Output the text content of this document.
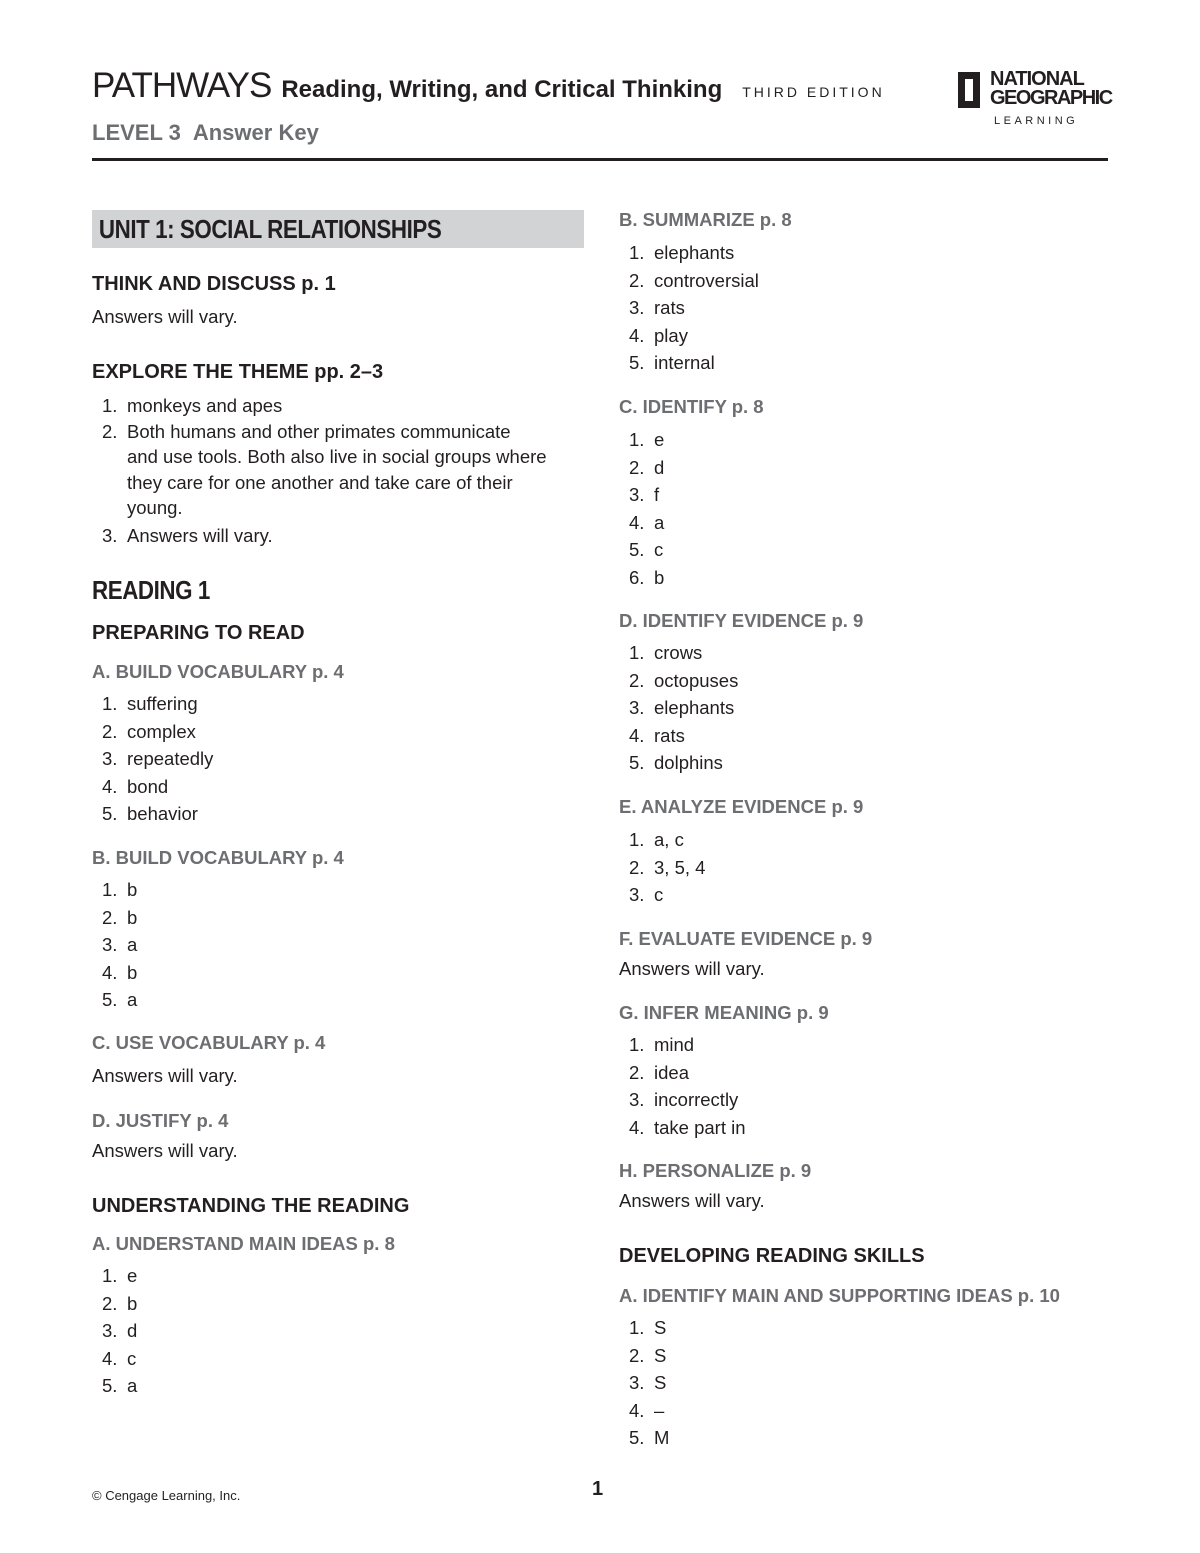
PATHWAYS Reading, Writing, and Critical Thinking THIRD EDITION
LEVEL 3 Answer Key
NATIONAL
GEOGRAPHIC
LEARNING
UNIT 1: SOCIAL RELATIONSHIPS
THINK AND DISCUSS p. 1
Answers will vary.
EXPLORE THE THEME pp. 2–3
1. monkeys and apes
2. Both humans and other primates communicate
and use tools. Both also live in social groups where
they care for one another and take care of their
young.
3. Answers will vary.
READING 1
PREPARING TO READ
A. BUILD VOCABULARY p. 4
1. suffering
2. complex
3. repeatedly
4. bond
5. behavior
B. BUILD VOCABULARY p. 4
1. b
2. b
3. a
4. b
5. a
C. USE VOCABULARY p. 4
Answers will vary.
D. JUSTIFY p. 4
Answers will vary.
UNDERSTANDING THE READING
A. UNDERSTAND MAIN IDEAS p. 8
1. e
2. b
3. d
4. c
5. a
B. SUMMARIZE p. 8
1. elephants
2. controversial
3. rats
4. play
5. internal
C. IDENTIFY p. 8
1. e
2. d
3. f
4. a
5. c
6. b
D. IDENTIFY EVIDENCE p. 9
1. crows
2. octopuses
3. elephants
4. rats
5. dolphins
E. ANALYZE EVIDENCE p. 9
1. a, c
2. 3, 5, 4
3. c
F. EVALUATE EVIDENCE p. 9
Answers will vary.
G. INFER MEANING p. 9
1. mind
2. idea
3. incorrectly
4. take part in
H. PERSONALIZE p. 9
Answers will vary.
DEVELOPING READING SKILLS
A. IDENTIFY MAIN AND SUPPORTING IDEAS p. 10
1. S
2. S
3. S
4. –
5. M
© Cengage Learning, Inc.	1
